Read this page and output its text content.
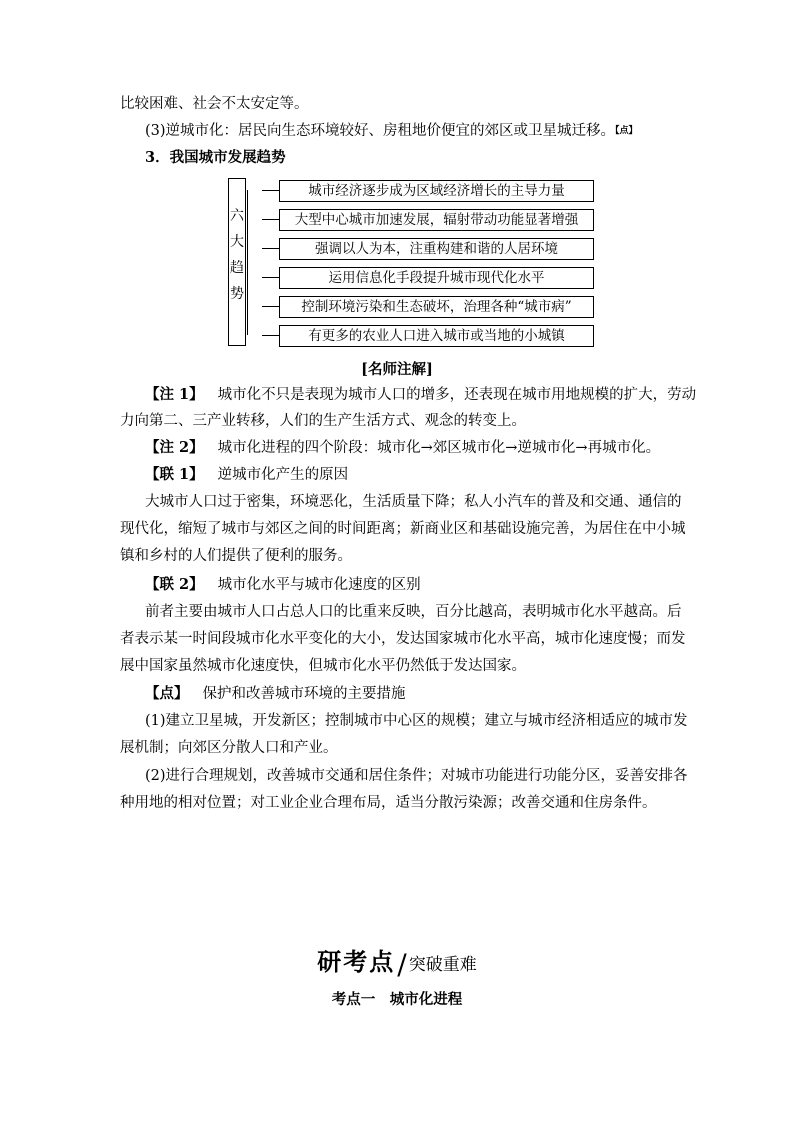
比较困难、社会不太安定等。
(3)逆城市化：居民向生态环境较好、房租地价便宜的郊区或卫星城迁移。【点】
3．我国城市发展趋势
六
大
趋
势
城市经济逐步成为区域经济增长的主导力量
大型中心城市加速发展，辐射带动功能显著增强
强调以人为本，注重构建和谐的人居环境
运用信息化手段提升城市现代化水平
控制环境污染和生态破坏，治理各种“城市病”
有更多的农业人口进入城市或当地的小城镇
[名师注解]
【注 1】 城市化不只是表现为城市人口的增多，还表现在城市用地规模的扩大，劳动
力向第二、三产业转移，人们的生产生活方式、观念的转变上。
【注 2】 城市化进程的四个阶段：城市化→郊区城市化→逆城市化→再城市化。
【联 1】 逆城市化产生的原因
大城市人口过于密集，环境恶化，生活质量下降；私人小汽车的普及和交通、通信的
现代化，缩短了城市与郊区之间的时间距离；新商业区和基础设施完善，为居住在中小城
镇和乡村的人们提供了便利的服务。
【联 2】 城市化水平与城市化速度的区别
前者主要由城市人口占总人口的比重来反映，百分比越高，表明城市化水平越高。后
者表示某一时间段城市化水平变化的大小，发达国家城市化水平高，城市化速度慢；而发
展中国家虽然城市化速度快，但城市化水平仍然低于发达国家。
【点】 保护和改善城市环境的主要措施
(1)建立卫星城，开发新区；控制城市中心区的规模；建立与城市经济相适应的城市发
展机制；向郊区分散人口和产业。
(2)进行合理规划，改善城市交通和居住条件；对城市功能进行功能分区，妥善安排各
种用地的相对位置；对工业企业合理布局，适当分散污染源；改善交通和住房条件。
研考点/ 突破重难
考点一　城市化进程
